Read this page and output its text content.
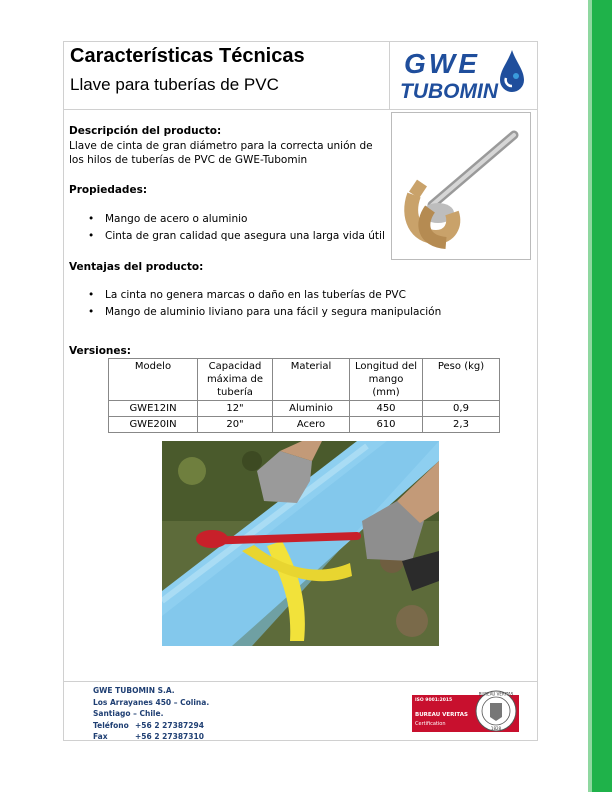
Características Técnicas
Llave para tuberías de PVC
GWE
TUBOMIN
Descripción del producto:
Llave de cinta de gran diámetro para la correcta unión de los hilos de tuberías de PVC de GWE-Tubomin
Propiedades:
• Mango de acero o aluminio
• Cinta de gran calidad que asegura una larga vida útil
Ventajas del producto:
• La cinta no genera marcas o daño en las tuberías de PVC
• Mango de aluminio liviano para una fácil y segura manipulación
Versiones:
Modelo	Capacidad máxima de tubería	Material	Longitud del mango (mm)	Peso (kg)
GWE12IN	12"	Aluminio	450	0,9
GWE20IN	20"	Acero	610	2,3
GWE TUBOMIN S.A.
Los Arrayanes 450 – Colina.
Santiago – Chile.
Teléfono +56 2 27387294
Fax	+56 2 27387310
ISO 9001:2015
BUREAU VERITAS
Certification
BUREAU VERITAS
1828
